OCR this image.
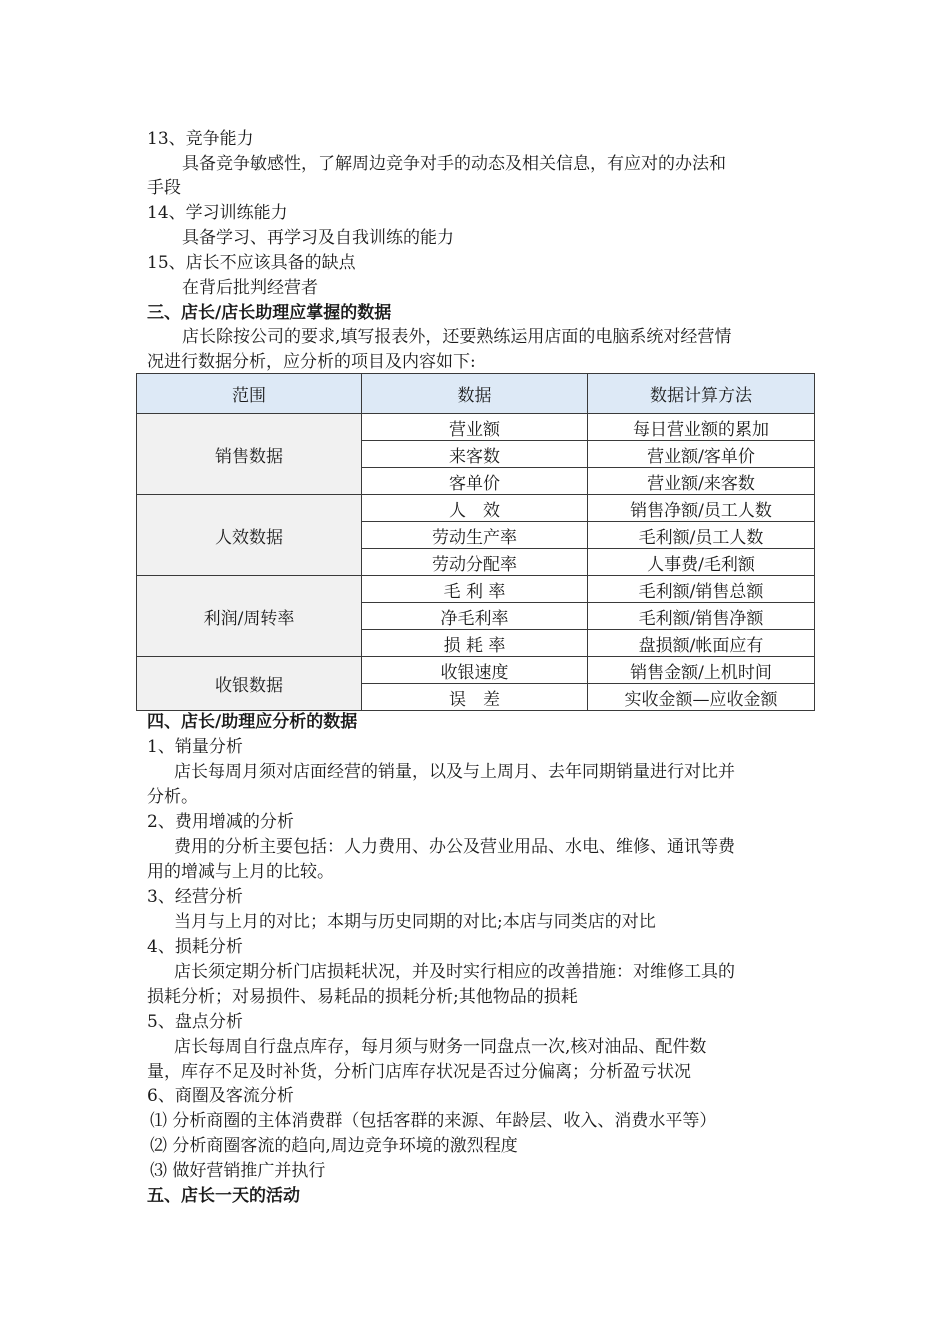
13、竞争能力
具备竞争敏感性，了解周边竞争对手的动态及相关信息，有应对的办法和
手段
14、学习训练能力
具备学习、再学习及自我训练的能力
15、店长不应该具备的缺点
在背后批判经营者
三、店长/店长助理应掌握的数据
店长除按公司的要求,填写报表外，还要熟练运用店面的电脑系统对经营情
况进行数据分析，应分析的项目及内容如下:
范围	数据	数据计算方法
销售数据	营业额	每日营业额的累加
	来客数	营业额/客单价
	客单价	营业额/来客数
人效数据	人　效	销售净额/员工人数
	劳动生产率	毛利额/员工人数
	劳动分配率	人事费/毛利额
利润/周转率	毛 利 率	毛利额/销售总额
	净毛利率	毛利额/销售净额
	损 耗 率	盘损额/帐面应有
收银数据	收银速度	销售金额/上机时间
	误　差	实收金额—应收金额
四、店长/助理应分析的数据
1、销量分析
店长每周月须对店面经营的销量，以及与上周月、去年同期销量进行对比并
分析。
2、费用增减的分析
费用的分析主要包括：人力费用、办公及营业用品、水电、维修、通讯等费
用的增减与上月的比较。
3、经营分析
当月与上月的对比；本期与历史同期的对比;本店与同类店的对比
4、损耗分析
店长须定期分析门店损耗状况，并及时实行相应的改善措施：对维修工具的
损耗分析；对易损件、易耗品的损耗分析;其他物品的损耗
5、盘点分析
店长每周自行盘点库存，每月须与财务一同盘点一次,核对油品、配件数
量，库存不足及时补货，分析门店库存状况是否过分偏离；分析盈亏状况
6、商圈及客流分析
⑴ 分析商圈的主体消费群（包括客群的来源、年龄层、收入、消费水平等）
⑵ 分析商圈客流的趋向,周边竞争环境的激烈程度
⑶ 做好营销推广并执行
五、店长一天的活动
